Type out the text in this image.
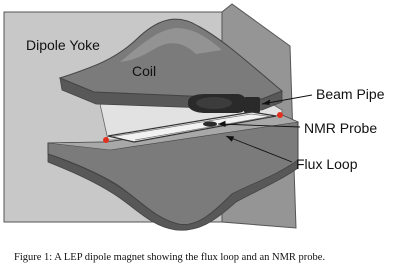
Dipole Yoke
Coil
Beam Pipe
NMR Probe
Flux Loop
Figure 1: A LEP dipole magnet showing the flux loop and an NMR probe.
